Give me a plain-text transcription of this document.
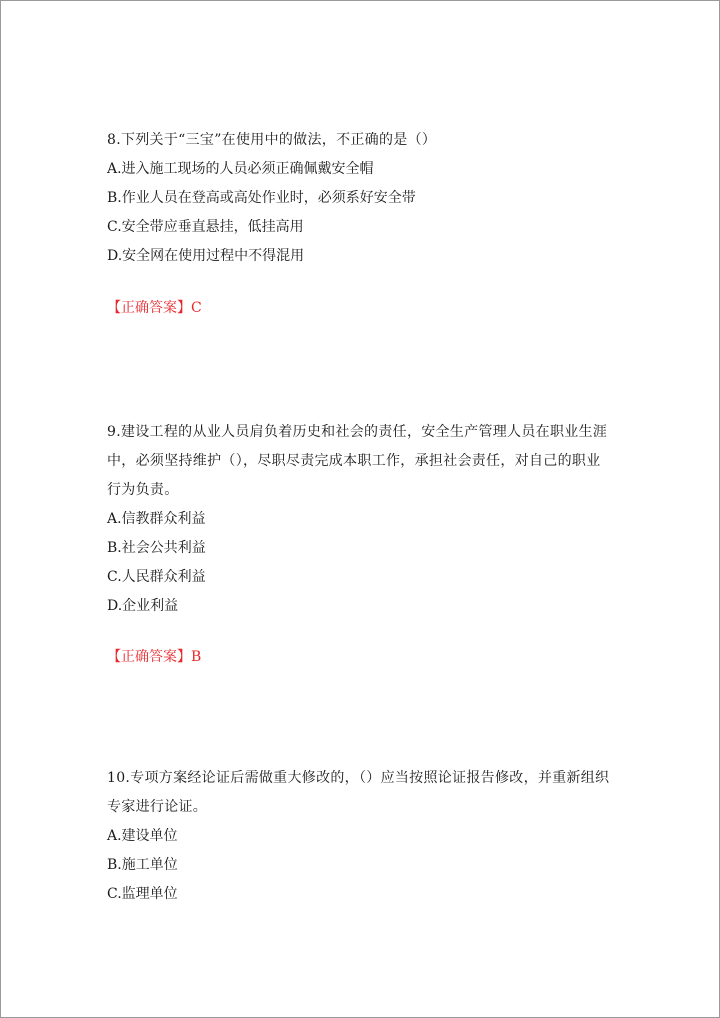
8.下列关于“三宝”在使用中的做法，不正确的是（）
A.进入施工现场的人员必须正确佩戴安全帽
B.作业人员在登高或高处作业时，必须系好安全带
C.安全带应垂直悬挂，低挂高用
D.安全网在使用过程中不得混用
【正确答案】C
9.建设工程的从业人员肩负着历史和社会的责任，安全生产管理人员在职业生涯
中，必须坚持维护（），尽职尽责完成本职工作，承担社会责任，对自己的职业
行为负责。
A.信教群众利益
B.社会公共利益
C.人民群众利益
D.企业利益
【正确答案】B
10.专项方案经论证后需做重大修改的，（）应当按照论证报告修改，并重新组织
专家进行论证。
A.建设单位
B.施工单位
C.监理单位
